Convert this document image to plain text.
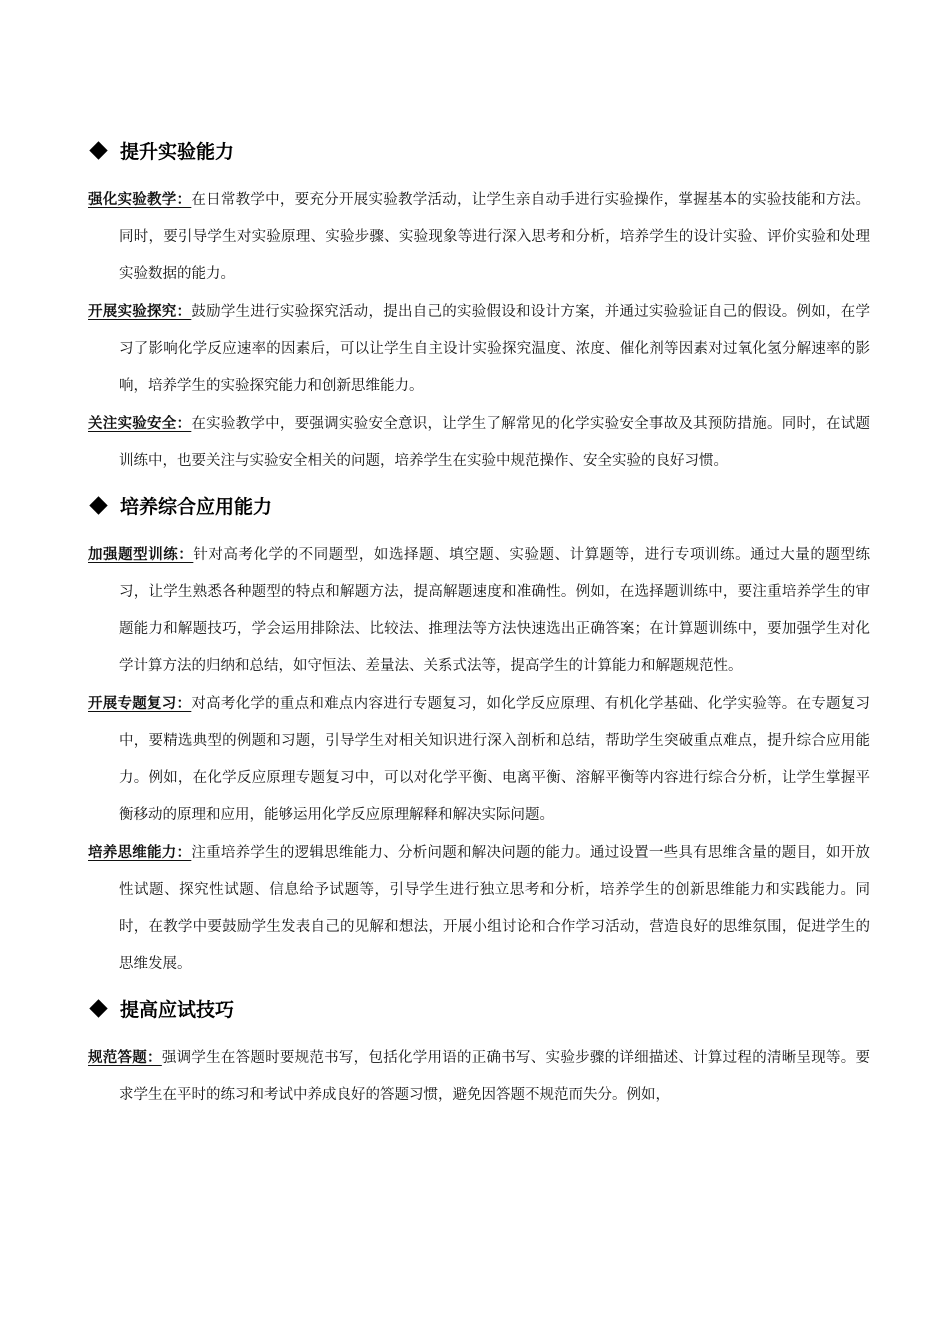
提升实验能力

强化实验教学：在日常教学中，要充分开展实验教学活动，让学生亲自动手进行实验操作，掌握基本的实验技能和方法。同时，要引导学生对实验原理、实验步骤、实验现象等进行深入思考和分析，培养学生的设计实验、评价实验和处理实验数据的能力。

开展实验探究：鼓励学生进行实验探究活动，提出自己的实验假设和设计方案，并通过实验验证自己的假设。例如，在学习了影响化学反应速率的因素后，可以让学生自主设计实验探究温度、浓度、催化剂等因素对过氧化氢分解速率的影响，培养学生的实验探究能力和创新思维能力。

关注实验安全：在实验教学中，要强调实验安全意识，让学生了解常见的化学实验安全事故及其预防措施。同时，在试题训练中，也要关注与实验安全相关的问题，培养学生在实验中规范操作、安全实验的良好习惯。

培养综合应用能力

加强题型训练：针对高考化学的不同题型，如选择题、填空题、实验题、计算题等，进行专项训练。通过大量的题型练习，让学生熟悉各种题型的特点和解题方法，提高解题速度和准确性。例如，在选择题训练中，要注重培养学生的审题能力和解题技巧，学会运用排除法、比较法、推理法等方法快速选出正确答案；在计算题训练中，要加强学生对化学计算方法的归纳和总结，如守恒法、差量法、关系式法等，提高学生的计算能力和解题规范性。

开展专题复习：对高考化学的重点和难点内容进行专题复习，如化学反应原理、有机化学基础、化学实验等。在专题复习中，要精选典型的例题和习题，引导学生对相关知识进行深入剖析和总结，帮助学生突破重点难点，提升综合应用能力。例如，在化学反应原理专题复习中，可以对化学平衡、电离平衡、溶解平衡等内容进行综合分析，让学生掌握平衡移动的原理和应用，能够运用化学反应原理解释和解决实际问题。

培养思维能力：注重培养学生的逻辑思维能力、分析问题和解决问题的能力。通过设置一些具有思维含量的题目，如开放性试题、探究性试题、信息给予试题等，引导学生进行独立思考和分析，培养学生的创新思维能力和实践能力。同时，在教学中要鼓励学生发表自己的见解和想法，开展小组讨论和合作学习活动，营造良好的思维氛围，促进学生的思维发展。

提高应试技巧

规范答题：强调学生在答题时要规范书写，包括化学用语的正确书写、实验步骤的详细描述、计算过程的清晰呈现等。要求学生在平时的练习和考试中养成良好的答题习惯，避免因答题不规范而失分。例如，
